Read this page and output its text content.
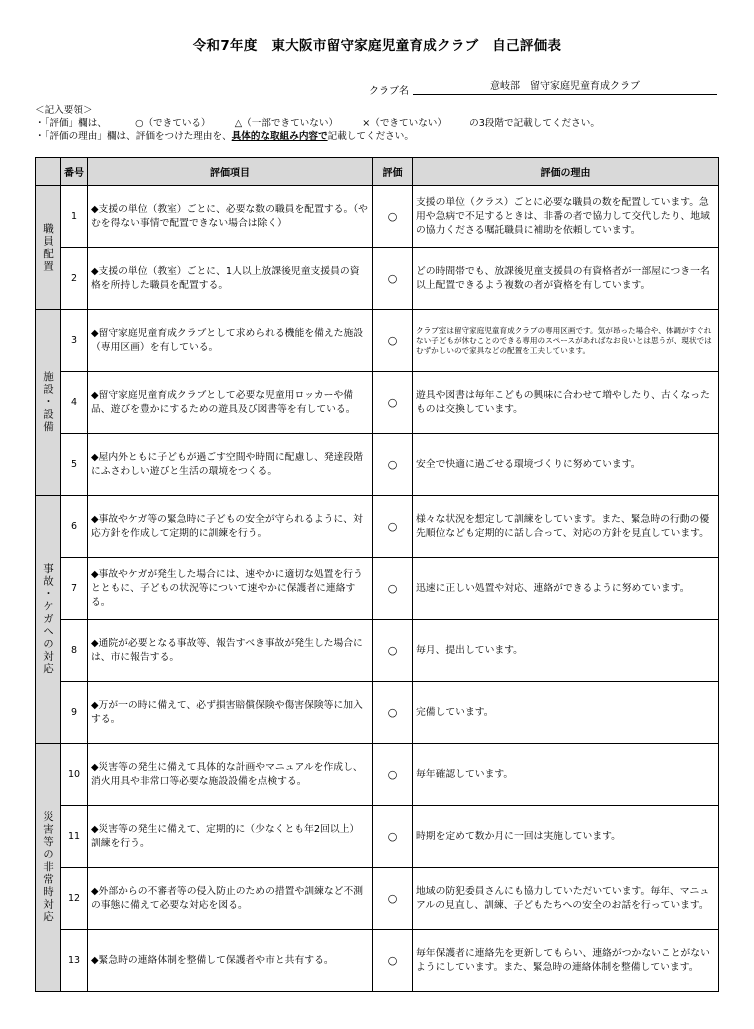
令和7年度　東大阪市留守家庭児童育成クラブ　自己評価表
クラブ名	意岐部　留守家庭児童育成クラブ
＜記入要領＞
・「評価」欄は、	○（できている）	△（一部できていない）	×（できていない） の3段階で記載してください。
・「評価の理由」欄は、評価をつけた理由を、具体的な取組み内容で記載してください。
	番号	評価項目	評価	評価の理由

職員配置	1	◆支援の単位（教室）ごとに、必要な数の職員を配置する。（やむを得ない事情で配置できない場合は除く）	○	支援の単位（クラス）ごとに必要な職員の数を配置しています。急用や急病で不足するときは、非番の者で協力して交代したり、地域の協力くださる嘱託職員に補助を依頼しています。
	2	◆支援の単位（教室）ごとに、1人以上放課後児童支援員の資格を所持した職員を配置する。	○	どの時間帯でも、放課後児童支援員の有資格者が一部屋につき一名以上配置できるよう複数の者が資格を有しています。

施設・設備	3	◆留守家庭児童育成クラブとして求められる機能を備えた施設（専用区画）を有している。	○	クラブ室は留守家庭児童育成クラブの専用区画です。気が昂った場合や、体調がすぐれない子どもが休むことのできる専用のスペースがあればなお良いとは思うが、現状ではむずかしいので家具などの配置を工夫しています。
	4	◆留守家庭児童育成クラブとして必要な児童用ロッカーや備品、遊びを豊かにするための遊具及び図書等を有している。	○	遊具や図書は毎年こどもの興味に合わせて増やしたり、古くなったものは交換しています。
	5	◆屋内外ともに子どもが過ごす空間や時間に配慮し、発達段階にふさわしい遊びと生活の環境をつくる。	○	安全で快適に過ごせる環境づくりに努めています。

事故・ケガへの対応	6	◆事故やケガ等の緊急時に子どもの安全が守られるように、対応方針を作成して定期的に訓練を行う。	○	様々な状況を想定して訓練をしています。また、緊急時の行動の優先順位なども定期的に話し合って、対応の方針を見直しています。
	7	◆事故やケガが発生した場合には、速やかに適切な処置を行うとともに、子どもの状況等について速やかに保護者に連絡する。	○	迅速に正しい処置や対応、連絡ができるように努めています。
	8	◆通院が必要となる事故等、報告すべき事故が発生した場合には、市に報告する。	○	毎月、提出しています。
	9	◆万が一の時に備えて、必ず損害賠償保険や傷害保険等に加入する。	○	完備しています。

災害等の非常時対応	10	◆災害等の発生に備えて具体的な計画やマニュアルを作成し、消火用具や非常口等必要な施設設備を点検する。	○	毎年確認しています。
	11	◆災害等の発生に備えて、定期的に（少なくとも年2回以上）訓練を行う。	○	時期を定めて数か月に一回は実施しています。
	12	◆外部からの不審者等の侵入防止のための措置や訓練など不測の事態に備えて必要な対応を図る。	○	地域の防犯委員さんにも協力していただいています。毎年、マニュアルの見直し、訓練、子どもたちへの安全のお話を行っています。
	13	◆緊急時の連絡体制を整備して保護者や市と共有する。	○	毎年保護者に連絡先を更新してもらい、連絡がつかないことがないようにしています。また、緊急時の連絡体制を整備しています。
